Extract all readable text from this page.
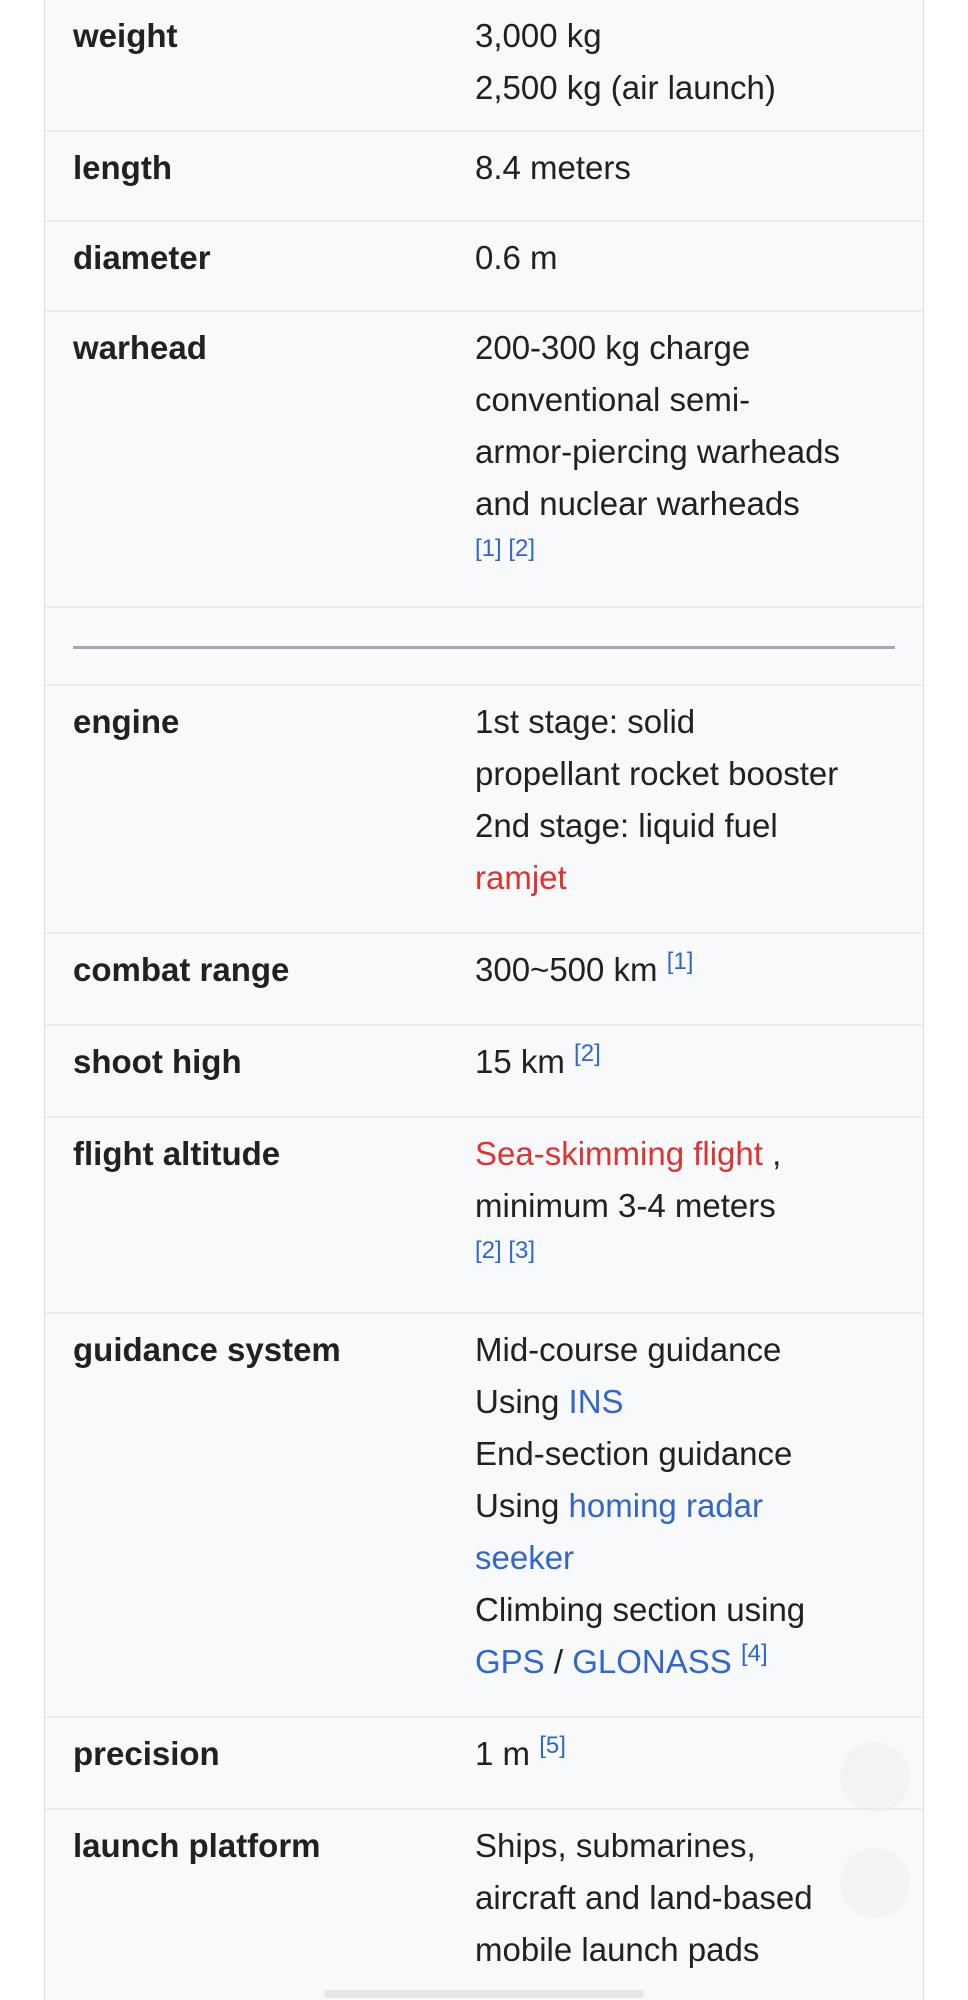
weight	3,000 kg
2,500 kg (air launch)
length	8.4 meters
diameter	0.6 m
warhead	200-300 kg charge
conventional semi-
armor-piercing warheads
and nuclear warheads
[1] [2]
engine	1st stage: solid
propellant rocket booster
2nd stage: liquid fuel
ramjet
combat range	300~500 km [1]
shoot high	15 km [2]
flight altitude	Sea-skimming flight ,
minimum 3-4 meters
[2] [3]
guidance system	Mid-course guidance
Using INS
End-section guidance
Using homing radar
seeker
Climbing section using
GPS / GLONASS [4]
precision	1 m [5]
launch platform	Ships, submarines,
aircraft and land-based
mobile launch pads
